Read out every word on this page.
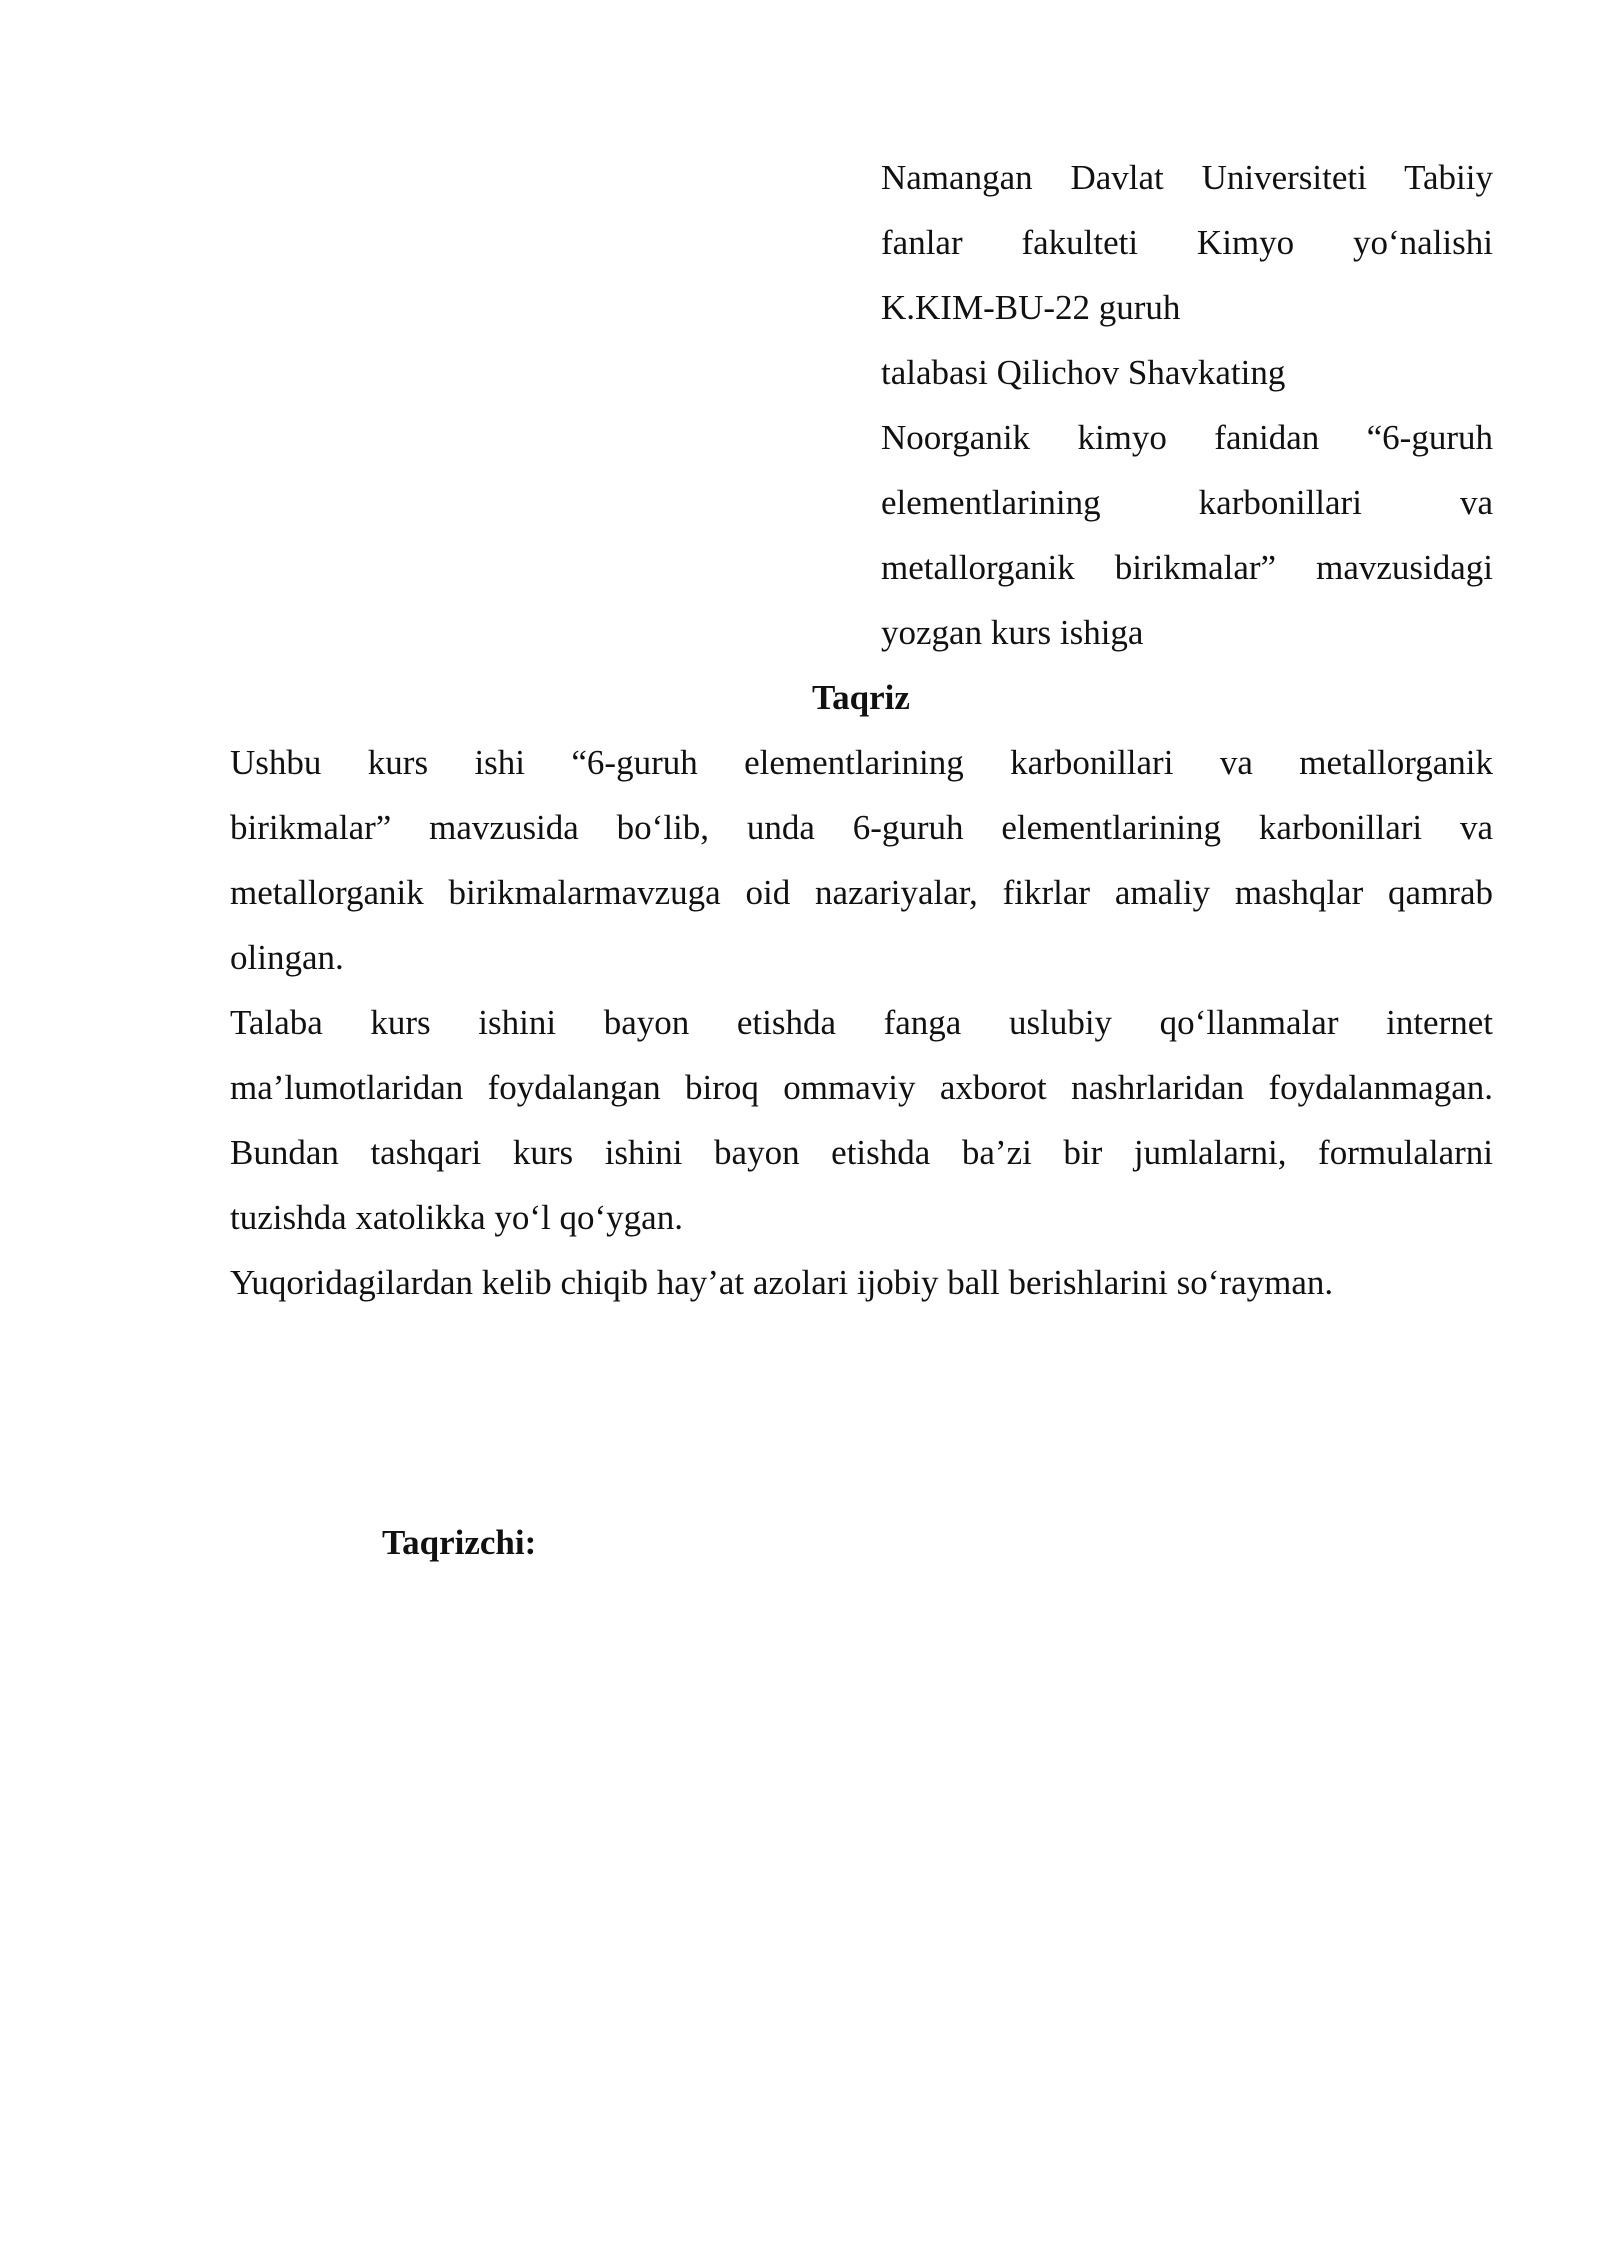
Namangan Davlat Universiteti Tabiiy
fanlar fakulteti Kimyo yo‘nalishi
K.KIM-BU-22 guruh
talabasi Qilichov Shavkating
Noorganik kimyo fanidan “6-guruh
elementlarining karbonillari va
metallorganik birikmalar” mavzusidagi
yozgan kurs ishiga
Taqriz
Ushbu kurs ishi “6-guruh elementlarining karbonillari va metallorganik
birikmalar” mavzusida bo‘lib, unda 6-guruh elementlarining karbonillari va
metallorganik birikmalarmavzuga oid nazariyalar, fikrlar amaliy mashqlar qamrab
olingan.
Talaba kurs ishini bayon etishda fanga uslubiy qo‘llanmalar internet
ma’lumotlaridan foydalangan biroq ommaviy axborot nashrlaridan foydalanmagan.
Bundan tashqari kurs ishini bayon etishda ba’zi bir jumlalarni, formulalarni
tuzishda xatolikka yo‘l qo‘ygan.
Yuqoridagilardan kelib chiqib hay’at azolari ijobiy ball berishlarini so‘rayman.
Taqrizchi:
